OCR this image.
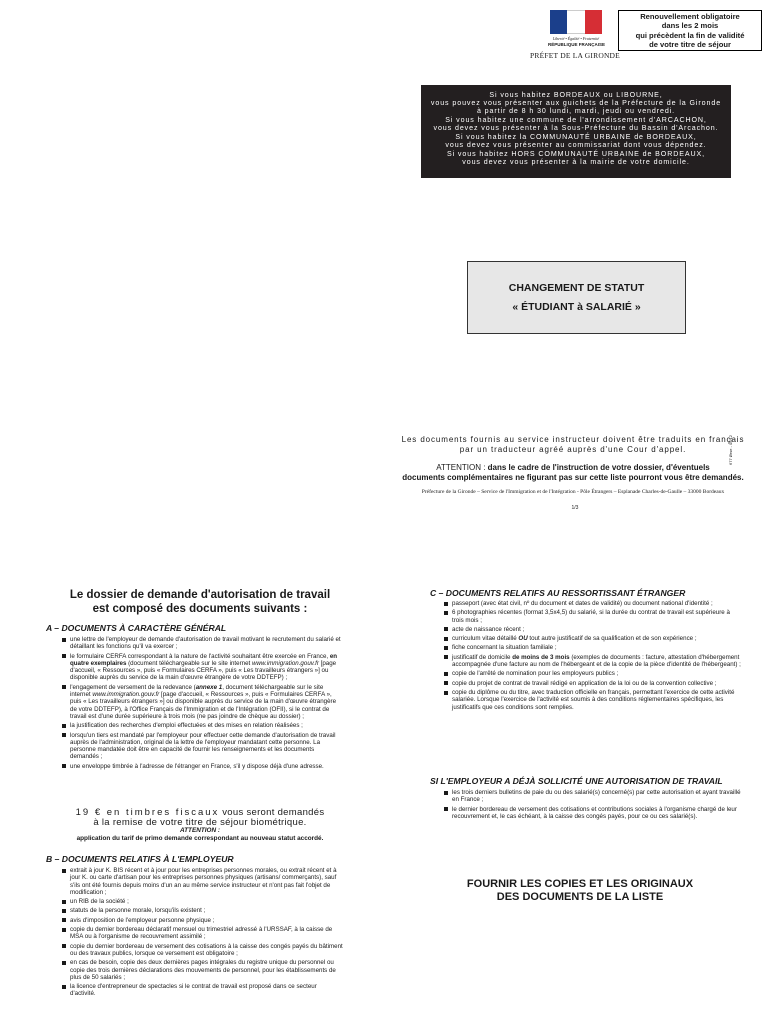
Liberté • Égalité • Fraternité
RÉPUBLIQUE FRANÇAISE
PRÉFET DE LA GIRONDE
Renouvellement obligatoire
dans les 2 mois
qui précèdent la fin de validité
de votre titre de séjour

Si vous habitez BORDEAUX ou LIBOURNE,
vous pouvez vous présenter aux guichets de la Préfecture de la Gironde
à partir de 8 h 30 lundi, mardi, jeudi ou vendredi.

Si vous habitez une commune de l'arrondissement d'ARCACHON,
vous devez vous présenter à la Sous-Préfecture du Bassin d'Arcachon.

Si vous habitez la COMMUNAUTÉ URBAINE de BORDEAUX,
vous devez vous présenter au commissariat dont vous dépendez.

Si vous habitez HORS COMMUNAUTÉ URBAINE de BORDEAUX,
vous devez vous présenter à la mairie de votre domicile.

CHANGEMENT DE STATUT
« ÉTUDIANT à SALARIÉ »
Les documents fournis au service instructeur doivent être traduits en français
par un traducteur agréé auprès d'une Cour d'appel.
ATTENTION : dans le cadre de l'instruction de votre dossier, d'éventuels
documents complémentaires ne figurant pas sur cette liste pourront vous être demandés.
Préfecture de la Gironde – Service de l'Immigration et de l'Intégration - Pôle Étrangers – Esplanade Charles-de-Gaulle – 33000 Bordeaux
677 Ørse - 05/12
1/3
Le dossier de demande d'autorisation de travail
est composé des documents suivants :
A – DOCUMENTS À CARACTÈRE GÉNÉRAL
une lettre de l'employeur de demande d'autorisation de travail motivant le recrutement du salarié et détaillant les fonctions qu'il va exercer ;
le formulaire CERFA correspondant à la nature de l'activité souhaitant être exercée en France, en quatre exemplaires (document téléchargeable sur le site internet www.immigration.gouv.fr [page d'accueil, « Ressources », puis « Formulaires CERFA », puis « Les travailleurs étrangers »] ou disponible auprès du service de la main d'œuvre étrangère de votre DDTEFP) ;
l'engagement de versement de la redevance (annexe 1, document téléchargeable sur le site internet www.immigration.gouv.fr [page d'accueil, « Ressources », puis « Formulaires CERFA », puis « Les travailleurs étrangers »] ou disponible auprès du service de la main d'œuvre étrangère de votre DDTEFP), à l'Office Français de l'Immigration et de l'Intégration (OFII), si le contrat de travail est d'une durée supérieure à trois mois (ne pas joindre de chèque au dossier) ;
la justification des recherches d'emploi effectuées et des mises en relation réalisées ;
lorsqu'un tiers est mandaté par l'employeur pour effectuer cette demande d'autorisation de travail auprès de l'administration, original de la lettre de l'employeur mandatant cette personne. La personne mandatée doit être en capacité de fournir les renseignements et les documents demandés ;
une enveloppe timbrée à l'adresse de l'étranger en France, s'il y dispose déjà d'une adresse.
19 € en timbres fiscaux vous seront demandés
à la remise de votre titre de séjour biométrique.
ATTENTION :
application du tarif de primo demande correspondant au nouveau statut accordé.
B – DOCUMENTS RELATIFS À L'EMPLOYEUR
extrait à jour K. BIS récent et à jour pour les entreprises personnes morales, ou extrait récent et à jour K. ou carte d'artisan pour les entreprises personnes physiques (artisans/ commerçants), sauf s'ils ont été fournis depuis moins d'un an au même service instructeur et n'ont pas fait l'objet de modification ;
un RIB de la société ;
statuts de la personne morale, lorsqu'ils existent ;
avis d'imposition de l'employeur personne physique ;
copie du dernier bordereau déclaratif mensuel ou trimestriel adressé à l'URSSAF, à la caisse de MSA ou à l'organisme de recouvrement assimilé ;
copie du dernier bordereau de versement des cotisations à la caisse des congés payés du bâtiment ou des travaux publics, lorsque ce versement est obligatoire ;
en cas de besoin, copie des deux dernières pages intégrales du registre unique du personnel ou copie des trois dernières déclarations des mouvements de personnel, pour les établissements de plus de 50 salariés ;
la licence d'entrepreneur de spectacles si le contrat de travail est proposé dans ce secteur d'activité.
C – DOCUMENTS RELATIFS AU RESSORTISSANT ÉTRANGER
passeport (avec état civil, nº du document et dates de validité) ou document national d'identité ;
6 photographies récentes (format 3,5x4,5) du salarié, si la durée du contrat de travail est supérieure à trois mois ;
acte de naissance récent ;
curriculum vitae détaillé OU tout autre justificatif de sa qualification et de son expérience ;
fiche concernant la situation familiale ;
justificatif de domicile de moins de 3 mois (exemples de documents : facture, attestation d'hébergement accompagnée d'une facture au nom de l'hébergeant et de la copie de la pièce d'identité de l'hébergeant) ;
copie de l'arrêté de nomination pour les employeurs publics ;
copie du projet de contrat de travail rédigé en application de la loi ou de la convention collective ;
copie du diplôme ou du titre, avec traduction officielle en français, permettant l'exercice de cette activité salariée. Lorsque l'exercice de l'activité est soumis à des conditions réglementaires spécifiques, les justificatifs que ces conditions sont remplies.
SI L'EMPLOYEUR A DÉJÀ SOLLICITÉ UNE AUTORISATION DE TRAVAIL
les trois derniers bulletins de paie du ou des salarié(s) concerné(s) par cette autorisation et ayant travaillé en France ;
le dernier bordereau de versement des cotisations et contributions sociales à l'organisme chargé de leur recouvrement et, le cas échéant, à la caisse des congés payés, pour ce ou ces salarié(s).
FOURNIR LES COPIES ET LES ORIGINAUX
DES DOCUMENTS DE LA LISTE
